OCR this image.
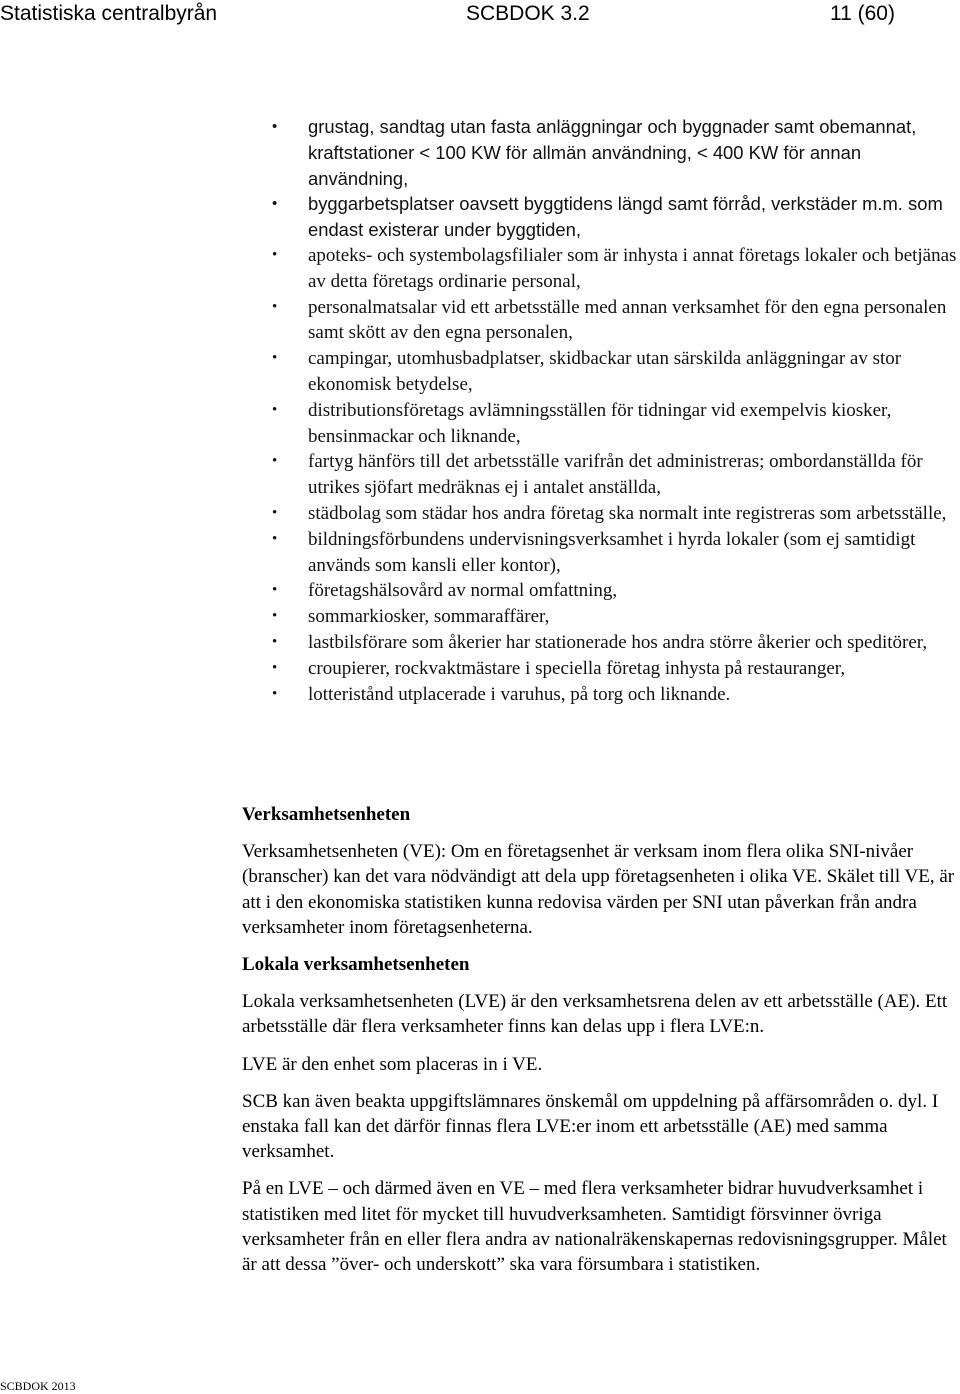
Statistiska centralbyrån	SCBDOK 3.2	11 (60)
• grustag, sandtag utan fasta anläggningar och byggnader samt obemannat, kraftstationer < 100 KW för allmän användning, < 400 KW för annan användning,
• byggarbetsplatser oavsett byggtidens längd samt förråd, verkstäder m.m. som endast existerar under byggtiden,
• apoteks- och systembolagsfilialer som är inhysta i annat företags lokaler och betjänas av detta företags ordinarie personal,
• personalmatsalar vid ett arbetsställe med annan verksamhet för den egna personalen samt skött av den egna personalen,
• campingar, utomhusbadplatser, skidbackar utan särskilda anläggningar av stor ekonomisk betydelse,
• distributionsföretags avlämningsställen för tidningar vid exempelvis kiosker, bensinmackar och liknande,
• fartyg hänförs till det arbetsställe varifrån det administreras; ombordanställda för utrikes sjöfart medräknas ej i antalet anställda,
• städbolag som städar hos andra företag ska normalt inte registreras som arbetsställe,
• bildningsförbundens undervisningsverksamhet i hyrda lokaler (som ej samtidigt används som kansli eller kontor),
• företagshälsovård av normal omfattning,
• sommarkiosker, sommaraffärer,
• lastbilsförare som åkerier har stationerade hos andra större åkerier och speditörer,
• croupierer, rockvaktmästare i speciella företag inhysta på restauranger,
• lotteristånd utplacerade i varuhus, på torg och liknande.
Verksamhetsenheten

Verksamhetsenheten (VE): Om en företagsenhet är verksam inom flera olika SNI-nivåer (branscher) kan det vara nödvändigt att dela upp företagsenheten i olika VE. Skälet till VE, är att i den ekonomiska statistiken kunna redovisa värden per SNI utan påverkan från andra verksamheter inom företagsenheterna.

Lokala verksamhetsenheten

Lokala verksamhetsenheten (LVE) är den verksamhetsrena delen av ett arbetsställe (AE). Ett arbetsställe där flera verksamheter finns kan delas upp i flera LVE:n.

LVE är den enhet som placeras in i VE.

SCB kan även beakta uppgiftslämnares önskemål om uppdelning på affärsområden o. dyl. I enstaka fall kan det därför finnas flera LVE:er inom ett arbetsställe (AE) med samma verksamhet.

På en LVE – och därmed även en VE – med flera verksamheter bidrar huvudverksamhet i statistiken med litet för mycket till huvudverksamheten. Samtidigt försvinner övriga verksamheter från en eller flera andra av nationalräkenskapernas redovisningsgrupper. Målet är att dessa ”över- och underskott” ska vara försumbara i statistiken.

SCBDOK 2013
